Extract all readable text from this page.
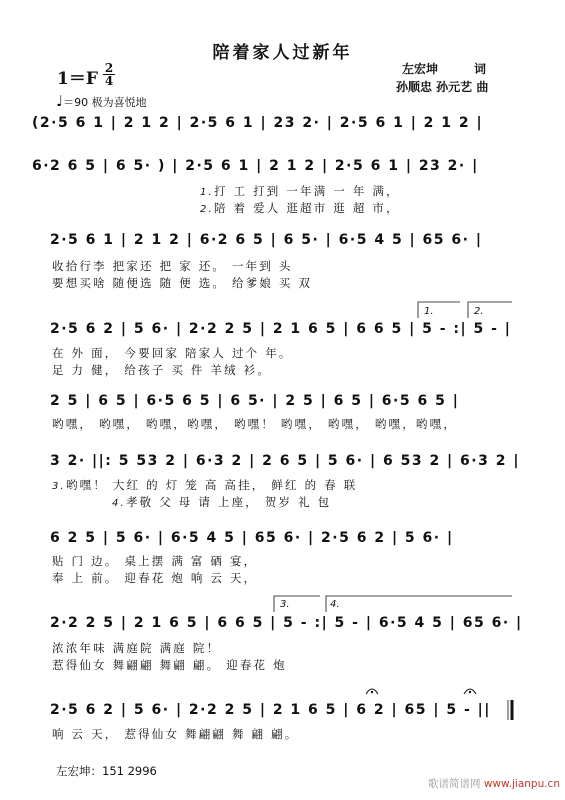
陪着家人过新年
左宏坤　　　词
孙顺忠 孙元艺 曲
$1=F \frac{2}{4}$
♩＝90 极为喜悦地
(2·5 6 1 | 2 1 2 | 2·5 6 1 | 23 2· | 2·5 6 1 | 2 1 2 |
6·2 6 5 | 6 5· ) | 2·5 6 1 | 2 1 2 | 2·5 6 1 | 23 2· |
1.打 工 打到 一年满 一 年 满，
2.陪 着 爱人 逛超市 逛 超 市，
2·5 6 1 | 2 1 2 | 6·2 6 5 | 6 5· | 6·5 4 5 | 65 6· |
收拾行李 把家还 把 家 还。 一年到 头
要想买啥 随便选 随 便 选。 给爹娘 买 双
1.	2.
2·5 6 2 | 5 6· | 2·2 2 5 | 2 1 6 5 | 6 6 5 | 5 - :| 5 - |
在 外 面， 今要回家 陪家人 过个 年。
足 力 健， 给孩子 买 件 羊绒 衫。
2 5 | 6 5 | 6·5 6 5 | 6 5· | 2 5 | 6 5 | 6·5 6 5 |
哟嘿， 哟嘿， 哟嘿，哟嘿， 哟嘿！ 哟嘿， 哟嘿， 哟嘿，哟嘿，
3 2· ||: 5 53 2 | 6·3 2 | 2 6 5 | 5 6· | 6 53 2 | 6·3 2 |
3.哟嘿！ 大红 的 灯 笼 高 高挂， 鲜红 的 春 联
4.孝敬 父 母 请 上座， 贺岁 礼 包
6 2 5 | 5 6· | 6·5 4 5 | 65 6· | 2·5 6 2 | 5 6· |
贴 门 边。 桌上摆 满 富 硒 宴，
奉 上 前。 迎春花 炮 响 云 天，
3.	4.
2·2 2 5 | 2 1 6 5 | 6 6 5 | 5 - :| 5 - | 6·5 4 5 | 65 6· |
浓浓年味 满庭院 满庭 院！
惹得仙女 舞翩翩 舞翩 翩。 迎春花 炮
2·5 6 2 | 5 6· | 2·2 2 5 | 2 1 6 5 | 6 2 | 65 | 5 - ||
响 云 天， 惹得仙女 舞翩翩 舞 翩 翩。
左宏坤：151 2996
歌谱简谱网 www.jianpu.cn
